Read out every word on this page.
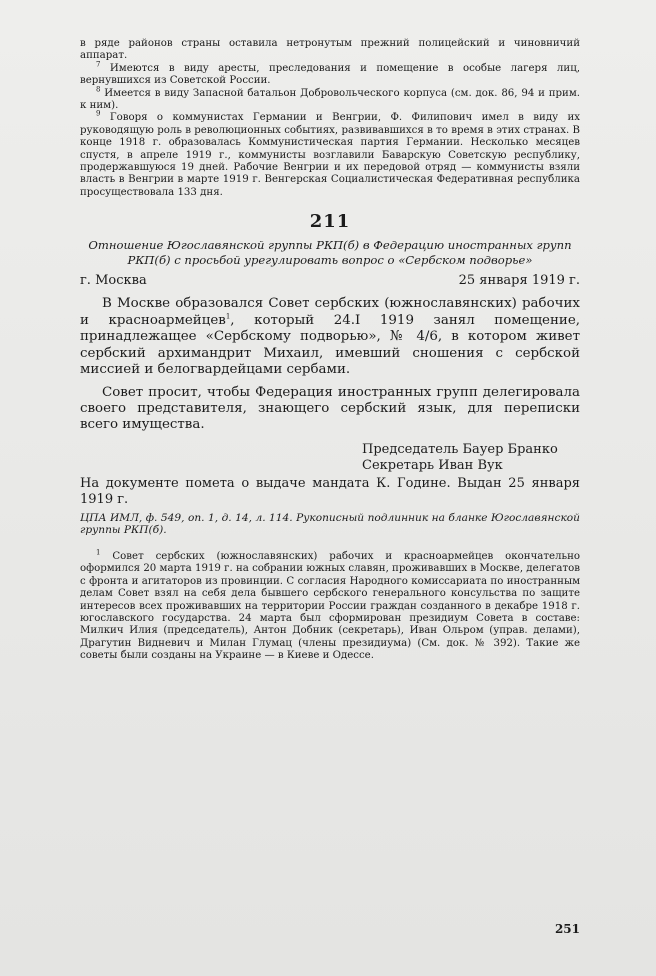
в ряде районов страны оставила нетронутым прежний полицейский и чиновничий аппарат.

$^7$ Имеются в виду аресты, преследования и помещение в особые лагеря лиц, вернувшихся из Советской России.

$^8$ Имеется в виду Запасной батальон Добровольческого корпуса (см. док. 86, 94 и прим. к ним).

$^9$ Говоря о коммунистах Германии и Венгрии, Ф. Филипович имел в виду их руководящую роль в революционных событиях, развивавшихся в то время в этих странах. В конце 1918 г. образовалась Коммунистическая партия Германии. Несколько месяцев спустя, в апреле 1919 г., коммунисты возглавили Баварскую Советскую республику, продержавшуюся 19 дней. Рабочие Венгрии и их передовой отряд — коммунисты взяли власть в Венгрии в марте 1919 г. Венгерская Социалистическая Федеративная республика просуществовала 133 дня.

211
Отношение Югославянской группы РКП(б) в Федерацию иностранных групп РКП(б) с просьбой урегулировать вопрос о «Сербском подворье»
г. Москва	25 января 1919 г.

В Москве образовался Совет сербских (южнославянских) рабочих и красноармейцев$^1$, который 24.I 1919 занял помещение, принадлежащее «Сербскому подворью», № 4/6, в котором живет сербский архимандрит Михаил, имевший сношения с сербской миссией и белогвардейцами сербами.

Совет просит, чтобы Федерация иностранных групп делегировала своего представителя, знающего сербский язык, для переписки всего имущества.

Председатель Бауер Бранко
Секретарь Иван Вук
На документе помета о выдаче мандата К. Године. Выдан 25 января 1919 г.
ЦПА ИМЛ, ф. 549, оп. 1, д. 14, л. 114. Рукописный подлинник на бланке Югославянской группы РКП(б).

$^1$ Совет сербских (южнославянских) рабочих и красноармейцев окончательно оформился 20 марта 1919 г. на собрании южных славян, проживавших в Москве, делегатов с фронта и агитаторов из провинции. С согласия Народного комиссариата по иностранным делам Совет взял на себя дела бывшего сербского генерального консульства по защите интересов всех проживавших на территории России граждан созданного в декабре 1918 г. югославского государства. 24 марта был сформирован президиум Совета в составе: Милкич Илия (председатель), Антон Добник (секретарь), Иван Ольром (управ. делами), Драгутин Видневич и Милан Глумац (члены президиума) (См. док. № 392). Такие же советы были созданы на Украине — в Киеве и Одессе.

251
